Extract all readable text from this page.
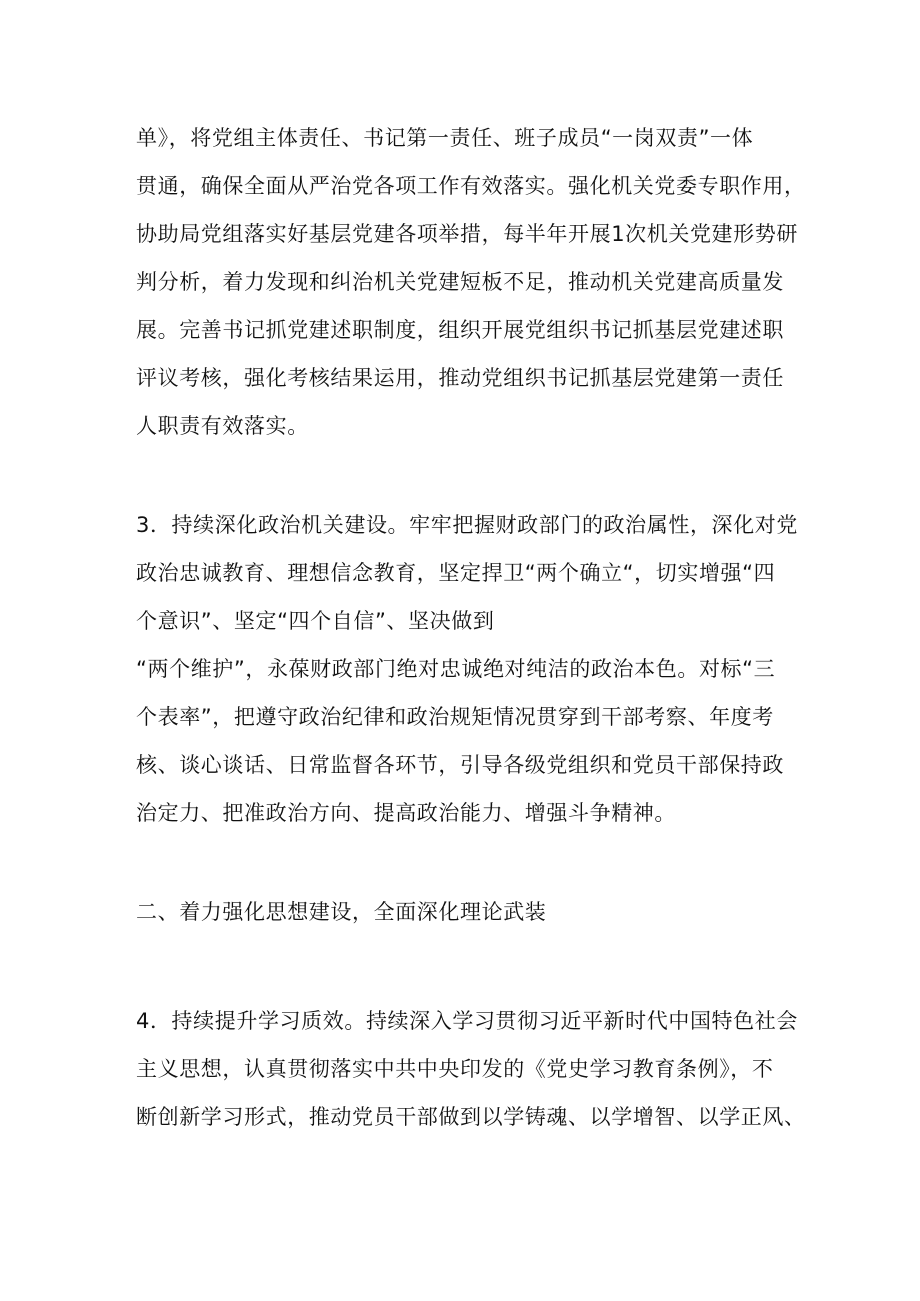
单》，将党组主体责任、书记第一责任、班子成员“一岗双责”一体
贯通，确保全面从严治党各项工作有效落实。强化机关党委专职作用，
协助局党组落实好基层党建各项举措，每半年开展1次机关党建形势研
判分析，着力发现和纠治机关党建短板不足，推动机关党建高质量发
展。完善书记抓党建述职制度，组织开展党组织书记抓基层党建述职
评议考核，强化考核结果运用，推动党组织书记抓基层党建第一责任
人职责有效落实。
3．持续深化政治机关建设。牢牢把握财政部门的政治属性，深化对党
政治忠诚教育、理想信念教育，坚定捍卫“两个确立“，切实增强“四
个意识”、坚定“四个自信”、坚决做到
“两个维护”，永葆财政部门绝对忠诚绝对纯洁的政治本色。对标“三
个表率”，把遵守政治纪律和政治规矩情况贯穿到干部考察、年度考
核、谈心谈话、日常监督各环节，引导各级党组织和党员干部保持政
治定力、把准政治方向、提高政治能力、增强斗争精神。
二、着力强化思想建设，全面深化理论武装
4．持续提升学习质效。持续深入学习贯彻习近平新时代中国特色社会
主义思想，认真贯彻落实中共中央印发的《党史学习教育条例》，不
断创新学习形式，推动党员干部做到以学铸魂、以学增智、以学正风、
